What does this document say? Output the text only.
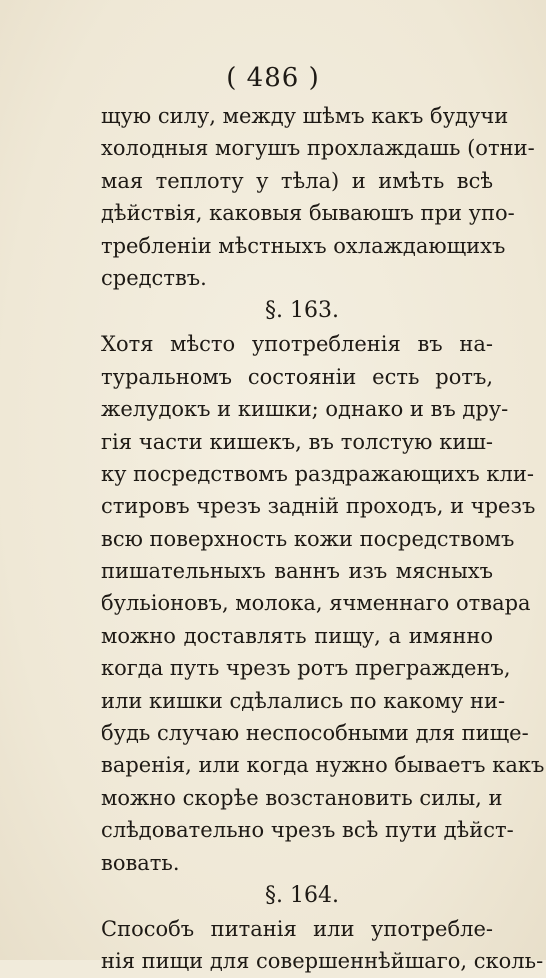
( 486 )
щую силу, между шѣмъ какъ будучи
холодныя могушъ прохлаждашь (отни-
мая теплоту у тѣла) и имѣть всѣ
дѣйствія, каковыя бываюшъ при упо-
требленіи мѣстныхъ охлаждающихъ
средствъ.
§. 163.
Хотя мѣсто употребленія въ на-
туральномъ состояніи есть ротъ,
желудокъ и кишки; однако и въ дру-
гія части кишекъ, въ толстую киш-
ку посредствомъ раздражающихъ кли-
стировъ чрезъ задній проходъ, и чрезъ
всю поверхность кожи посредствомъ
пишательныхъ ваннъ изъ мясныхъ
бульіоновъ, молока, ячменнаго отвара
можно доставлять пищу, а имянно
когда путь чрезъ ротъ прегражденъ,
или кишки сдѣлались по какому ни-
будь случаю неспособными для пище-
варенія, или когда нужно бываетъ какъ
можно скорѣе возстановить силы, и
слѣдовательно чрезъ всѣ пути дѣйст-
вовать.
§. 164.
Способъ питанія или употребле-
нія пищи для совершеннѣйшаго, сколь-
